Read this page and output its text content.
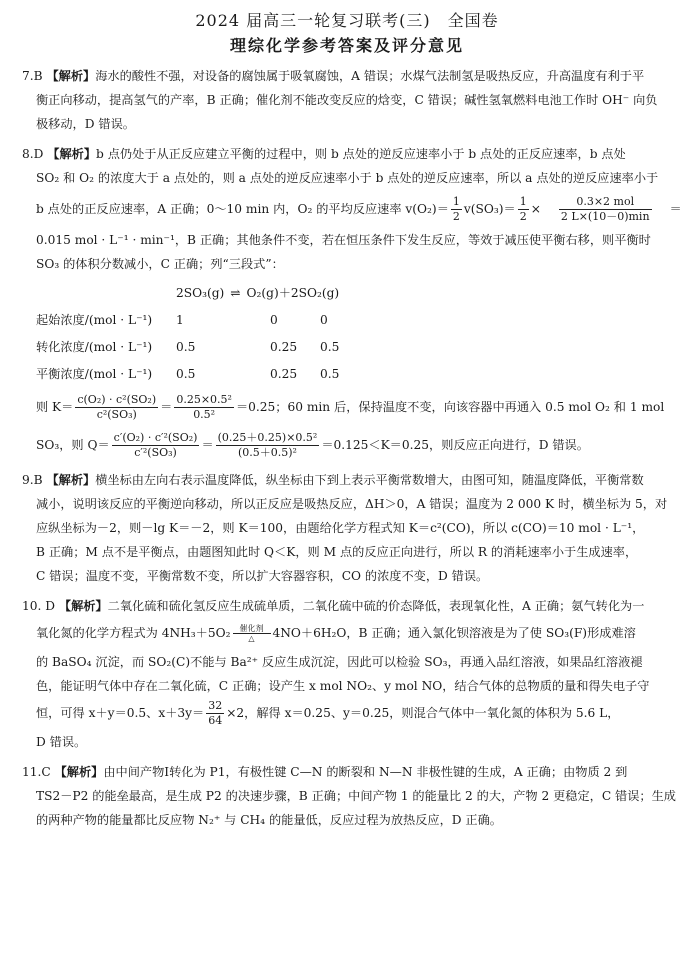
2024 届高三一轮复习联考(三)　全国卷
理综化学参考答案及评分意见
7.B 【解析】海水的酸性不强，对设备的腐蚀属于吸氧腐蚀，A 错误；水煤气法制氢是吸热反应，升高温度有利于平
衡正向移动，提高氢气的产率，B 正确；催化剂不能改变反应的焓变，C 错误；碱性氢氧燃料电池工作时 OH⁻ 向负
极移动，D 错误。
8.D 【解析】b 点仍处于从正反应建立平衡的过程中，则 b 点处的逆反应速率小于 b 点处的正反应速率，b 点处
SO₂ 和 O₂ 的浓度大于 a 点处的，则 a 点处的逆反应速率小于 b 点处的逆反应速率，所以 a 点处的逆反应速率小于
b 点处的正反应速率，A 正确；0～10 min 内，O₂ 的平均反应速率 $v(O_2)= \frac{1}{2} v(SO_3)= \frac{1}{2} \times \frac{\text{0.3×2 mol}}{2 L\times(10-0)\min}$ ＝
0.015 mol · L⁻¹ · min⁻¹，B 正确；其他条件不变，若在恒压条件下发生反应，等效于减压使平衡右移，则平衡时
SO₃ 的体积分数减小，C 正确；列“三段式”：
2SO₃(g) ⇌ O₂(g)＋2SO₂(g)
起始浓度/(mol · L⁻¹) 1	0	0
转化浓度/(mol · L⁻¹) 0.5	0.25 0.5
平衡浓度/(mol · L⁻¹) 0.5	0.25 0.5
则 $K= \frac{\text{c(O₂) · c²(SO₂)}}{\text{c²(SO₃)}} = \frac{\text{0.25×0.5²}}{\text{0.5²}} =0.25$；60 min 后，保持温度不变，向该容器中再通入 0.5 mol O₂ 和 1 mol
SO₃，则 $Q= \frac{\text{c′(O₂) · c′²(SO₂)}}{\text{c′²(SO₃)}} = \frac{\text{(0.25＋0.25)×0.5²}}{\text{(0.5＋0.5)²}} =0.125<K=0.25$，则反应正向进行，D 错误。
9.B 【解析】横坐标由左向右表示温度降低，纵坐标由下到上表示平衡常数增大，由图可知，随温度降低，平衡常数
减小，说明该反应的平衡逆向移动，所以正反应是吸热反应，ΔH＞0，A 错误；温度为 2 000 K 时，横坐标为 5，对
应纵坐标为－2，则－lg K＝－2，则 K＝100，由题给化学方程式知 K＝c²(CO)，所以 c(CO)＝10 mol · L⁻¹，
B 正确；M 点不是平衡点，由题图知此时 Q＜K，则 M 点的反应正向进行，所以 R 的消耗速率小于生成速率，
C 错误；温度不变，平衡常数不变，所以扩大容器容积，CO 的浓度不变，D 错误。
10. D 【解析】二氧化硫和硫化氢反应生成硫单质，二氧化硫中硫的价态降低，表现氧化性，A 正确；氨气转化为一
氧化氮的化学方程式为 4NH₃＋5O₂	催化剂
△	4NO＋6H₂O，B 正确；通入氯化钡溶液是为了使 SO₃(F)形成难溶
的 BaSO₄ 沉淀，而 SO₂(C)不能与 Ba²⁺ 反应生成沉淀，因此可以检验 SO₃，再通入品红溶液，如果品红溶液褪
色，能证明气体中存在二氧化硫，C 正确；设产生 x mol NO₂、y mol NO，结合气体的总物质的量和得失电子守
恒，可得 x＋y＝0.5、$x+3y= \frac{32}{64} \times 2$，解得 x＝0.25、y＝0.25，则混合气体中一氧化氮的体积为 5.6 L，
D 错误。
11.C 【解析】由中间产物Ⅰ转化为 P1，有极性键 C—N 的断裂和 N—N 非极性键的生成，A 正确；由物质 2 到
TS2－P2 的能垒最高，是生成 P2 的决速步骤，B 正确；中间产物 1 的能量比 2 的大，产物 2 更稳定，C 错误；生成
的两种产物的能量都比反应物 N₂⁺ 与 CH₄ 的能量低，反应过程为放热反应，D 正确。
